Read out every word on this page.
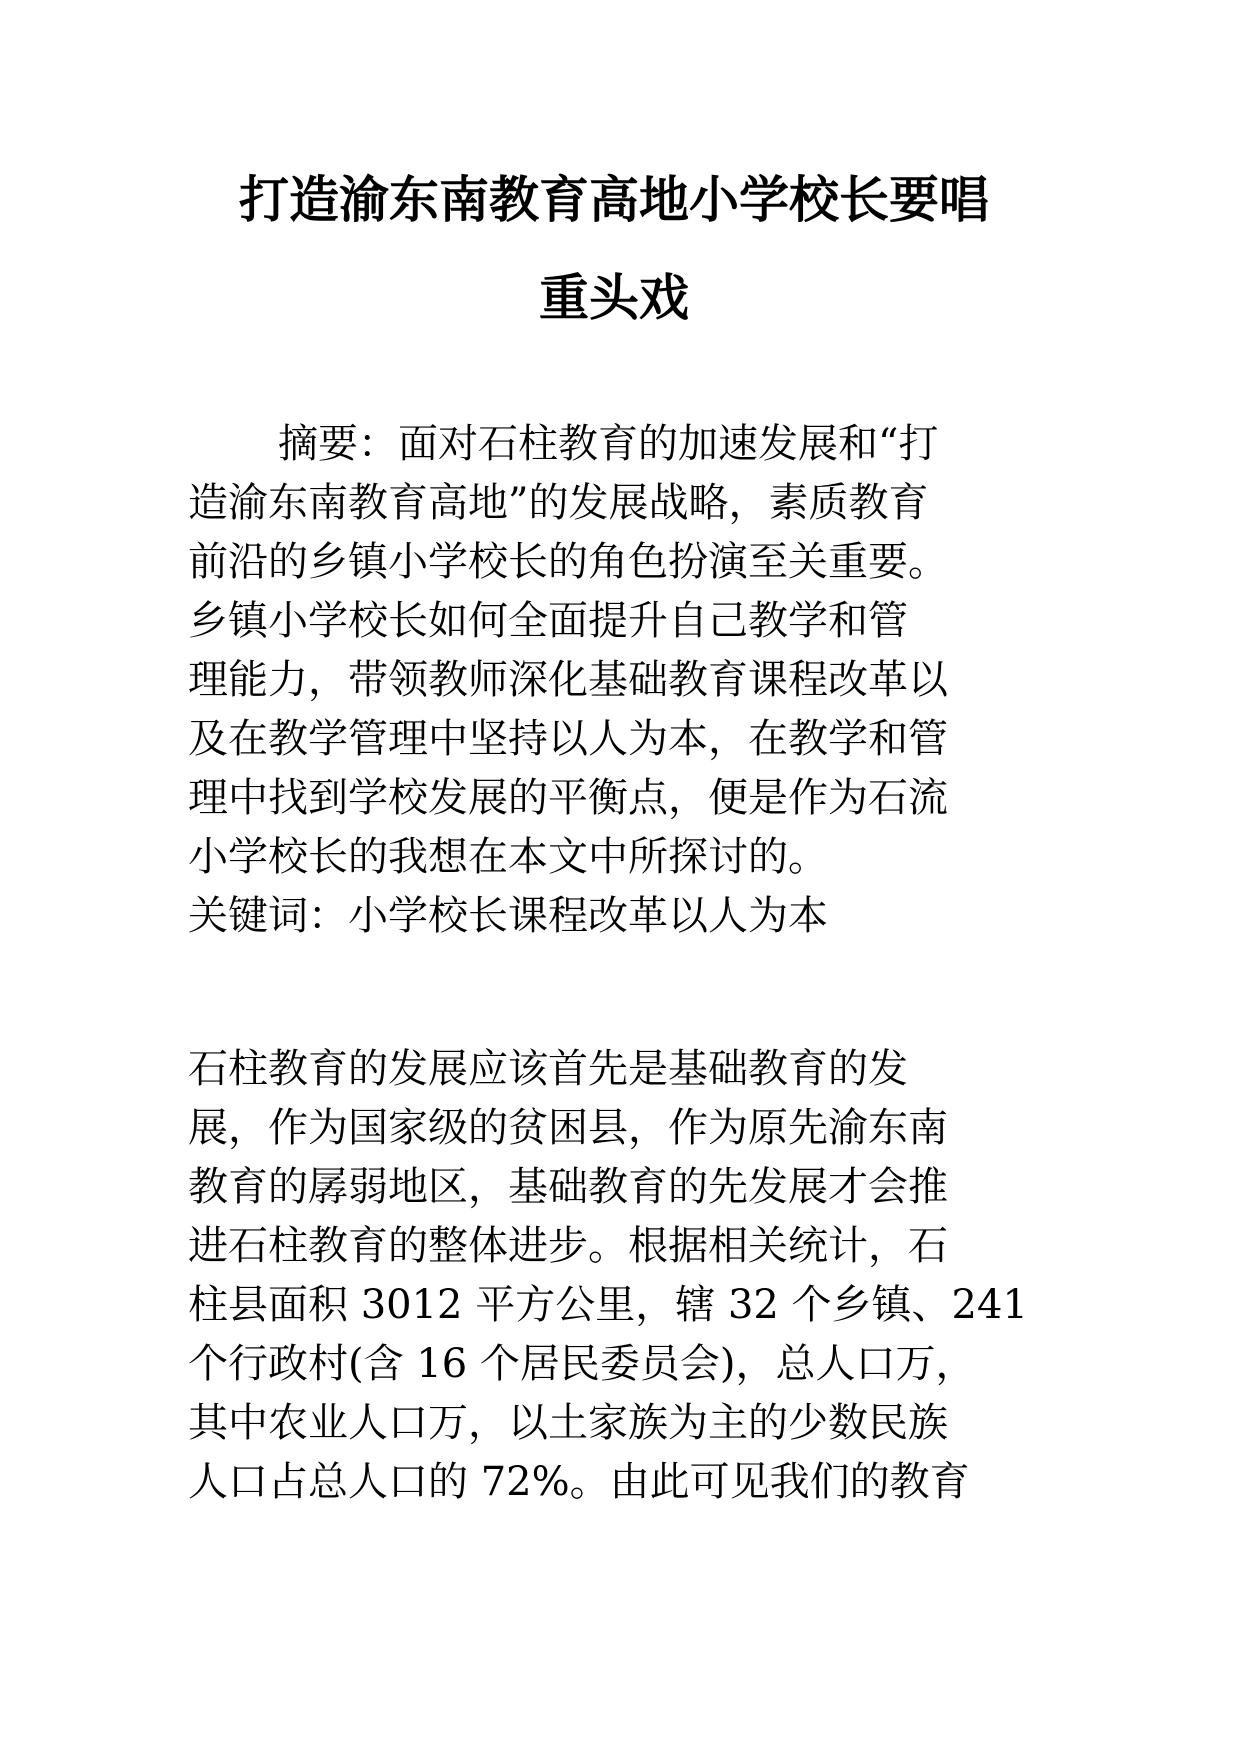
打造渝东南教育高地小学校长要唱
重头戏
摘要：面对石柱教育的加速发展和“打
造渝东南教育高地”的发展战略，素质教育
前沿的乡镇小学校长的角色扮演至关重要。
乡镇小学校长如何全面提升自己教学和管
理能力，带领教师深化基础教育课程改革以
及在教学管理中坚持以人为本，在教学和管
理中找到学校发展的平衡点，便是作为石流
小学校长的我想在本文中所探讨的。
关键词：小学校长课程改革以人为本
石柱教育的发展应该首先是基础教育的发
展，作为国家级的贫困县，作为原先渝东南
教育的孱弱地区，基础教育的先发展才会推
进石柱教育的整体进步。根据相关统计，石
柱县面积 3012 平方公里，辖 32 个乡镇、241
个行政村(含 16 个居民委员会)，总人口万，
其中农业人口万，以土家族为主的少数民族
人口占总人口的 72%。由此可见我们的教育
